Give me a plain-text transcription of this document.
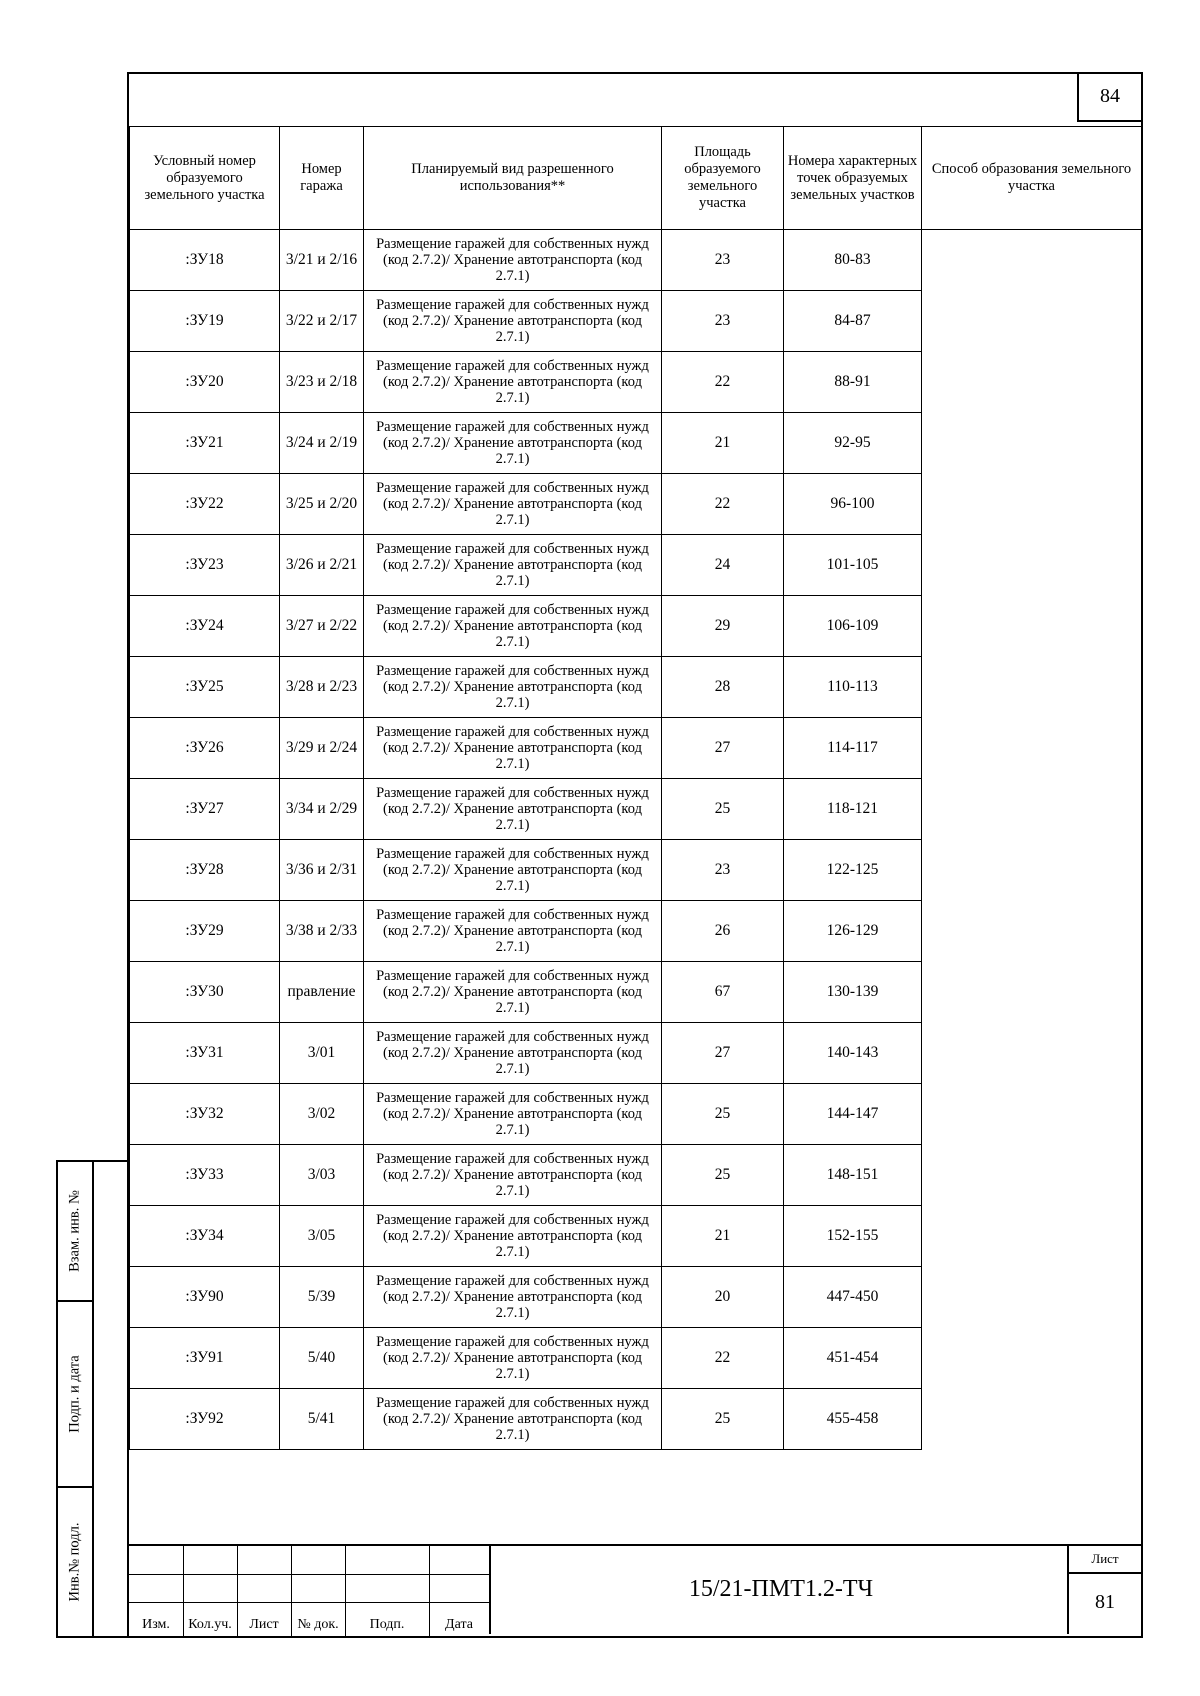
84
Условный номер образуемого земельного участка	Номер гаража	Планируемый вид разрешенного использования**	Площадь образуемого земельного участка	Номера характерных точек образуемых земельных участков	Способ образования земельного участка
:ЗУ18	3/21 и 2/16	Размещение гаражей для собственных нужд (код 2.7.2)/ Хранение автотранспорта (код 2.7.1)	23	80-83	
:ЗУ19	3/22 и 2/17	Размещение гаражей для собственных нужд (код 2.7.2)/ Хранение автотранспорта (код 2.7.1)	23	84-87	
:ЗУ20	3/23 и 2/18	Размещение гаражей для собственных нужд (код 2.7.2)/ Хранение автотранспорта (код 2.7.1)	22	88-91	
:ЗУ21	3/24 и 2/19	Размещение гаражей для собственных нужд (код 2.7.2)/ Хранение автотранспорта (код 2.7.1)	21	92-95	
:ЗУ22	3/25 и 2/20	Размещение гаражей для собственных нужд (код 2.7.2)/ Хранение автотранспорта (код 2.7.1)	22	96-100	
:ЗУ23	3/26 и 2/21	Размещение гаражей для собственных нужд (код 2.7.2)/ Хранение автотранспорта (код 2.7.1)	24	101-105	
:ЗУ24	3/27 и 2/22	Размещение гаражей для собственных нужд (код 2.7.2)/ Хранение автотранспорта (код 2.7.1)	29	106-109	
:ЗУ25	3/28 и 2/23	Размещение гаражей для собственных нужд (код 2.7.2)/ Хранение автотранспорта (код 2.7.1)	28	110-113	
:ЗУ26	3/29 и 2/24	Размещение гаражей для собственных нужд (код 2.7.2)/ Хранение автотранспорта (код 2.7.1)	27	114-117	
:ЗУ27	3/34 и 2/29	Размещение гаражей для собственных нужд (код 2.7.2)/ Хранение автотранспорта (код 2.7.1)	25	118-121	
:ЗУ28	3/36 и 2/31	Размещение гаражей для собственных нужд (код 2.7.2)/ Хранение автотранспорта (код 2.7.1)	23	122-125	
:ЗУ29	3/38 и 2/33	Размещение гаражей для собственных нужд (код 2.7.2)/ Хранение автотранспорта (код 2.7.1)	26	126-129	
:ЗУ30	правление	Размещение гаражей для собственных нужд (код 2.7.2)/ Хранение автотранспорта (код 2.7.1)	67	130-139	
:ЗУ31	3/01	Размещение гаражей для собственных нужд (код 2.7.2)/ Хранение автотранспорта (код 2.7.1)	27	140-143	
:ЗУ32	3/02	Размещение гаражей для собственных нужд (код 2.7.2)/ Хранение автотранспорта (код 2.7.1)	25	144-147	
:ЗУ33	3/03	Размещение гаражей для собственных нужд (код 2.7.2)/ Хранение автотранспорта (код 2.7.1)	25	148-151	
:ЗУ34	3/05	Размещение гаражей для собственных нужд (код 2.7.2)/ Хранение автотранспорта (код 2.7.1)	21	152-155	
:ЗУ90	5/39	Размещение гаражей для собственных нужд (код 2.7.2)/ Хранение автотранспорта (код 2.7.1)	20	447-450	
:ЗУ91	5/40	Размещение гаражей для собственных нужд (код 2.7.2)/ Хранение автотранспорта (код 2.7.1)	22	451-454	
:ЗУ92	5/41	Размещение гаражей для собственных нужд (код 2.7.2)/ Хранение автотранспорта (код 2.7.1)	25	455-458	
Изм.	Кол.уч.	Лист	№ док.	Подп.	Дата
15/21-ПМТ1.2-ТЧ
Лист
81
Взам. инв. №
Подп. и дата
Инв.№ подл.
